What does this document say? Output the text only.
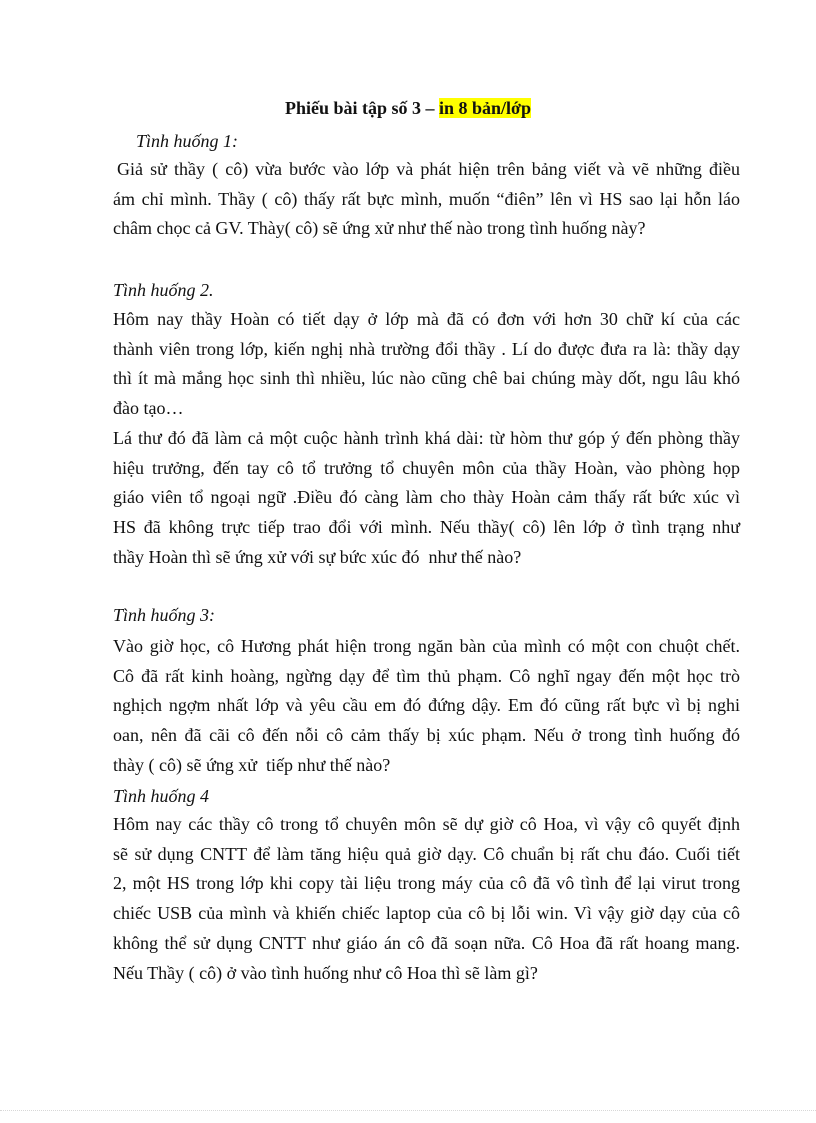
Phiếu bài tập số 3 – in 8 bản/lớp
Tình huống 1:
Giả sử thầy ( cô) vừa bước vào lớp và phát hiện trên bảng viết và vẽ những điều
ám chỉ mình. Thầy ( cô) thấy rất bực mình, muốn “điên” lên vì HS sao lại hỗn láo
châm chọc cả GV. Thày( cô) sẽ ứng xử như thế nào trong tình huống này?
Tình huống 2.
Hôm nay thầy Hoàn có tiết dạy ở lớp mà đã có đơn với hơn 30 chữ kí của các
thành viên trong lớp, kiến nghị nhà trường đổi thầy . Lí do được đưa ra là: thầy dạy
thì ít mà mắng học sinh thì nhiều, lúc nào cũng chê bai chúng mày dốt, ngu lâu khó
đào tạo…
Lá thư đó đã làm cả một cuộc hành trình khá dài: từ hòm thư góp ý đến phòng thầy
hiệu trưởng, đến tay cô tổ trưởng tổ chuyên môn của thầy Hoàn, vào phòng họp
giáo viên tổ ngoại ngữ .Điều đó càng làm cho thày Hoàn cảm thấy rất bức xúc vì
HS đã không trực tiếp trao đổi với mình. Nếu thầy( cô) lên lớp ở tình trạng như
thầy Hoàn thì sẽ ứng xử với sự bức xúc đó  như thế nào?
Tình huống 3:
Vào giờ học, cô Hương phát hiện trong ngăn bàn của mình có một con chuột chết.
Cô đã rất kinh hoàng, ngừng dạy để tìm thủ phạm. Cô nghĩ ngay đến một học trò
nghịch ngợm nhất lớp và yêu cầu em đó đứng dậy. Em đó cũng rất bực vì bị nghi
oan, nên đã cãi cô đến nỗi cô cảm thấy bị xúc phạm. Nếu ở trong tình huống đó
thày ( cô) sẽ ứng xử  tiếp như thế nào?
Tình huống 4
Hôm nay các thầy cô trong tổ chuyên môn sẽ dự giờ cô Hoa, vì vậy cô quyết định
sẽ sử dụng CNTT để làm tăng hiệu quả giờ dạy. Cô chuẩn bị rất chu đáo. Cuối tiết
2, một HS trong lớp khi copy tài liệu trong máy của cô đã vô tình để lại virut trong
chiếc USB của mình và khiến chiếc laptop của cô bị lỗi win. Vì vậy giờ dạy của cô
không thể sử dụng CNTT như giáo án cô đã soạn nữa. Cô Hoa đã rất hoang mang.
Nếu Thầy ( cô) ở vào tình huống như cô Hoa thì sẽ làm gì?
